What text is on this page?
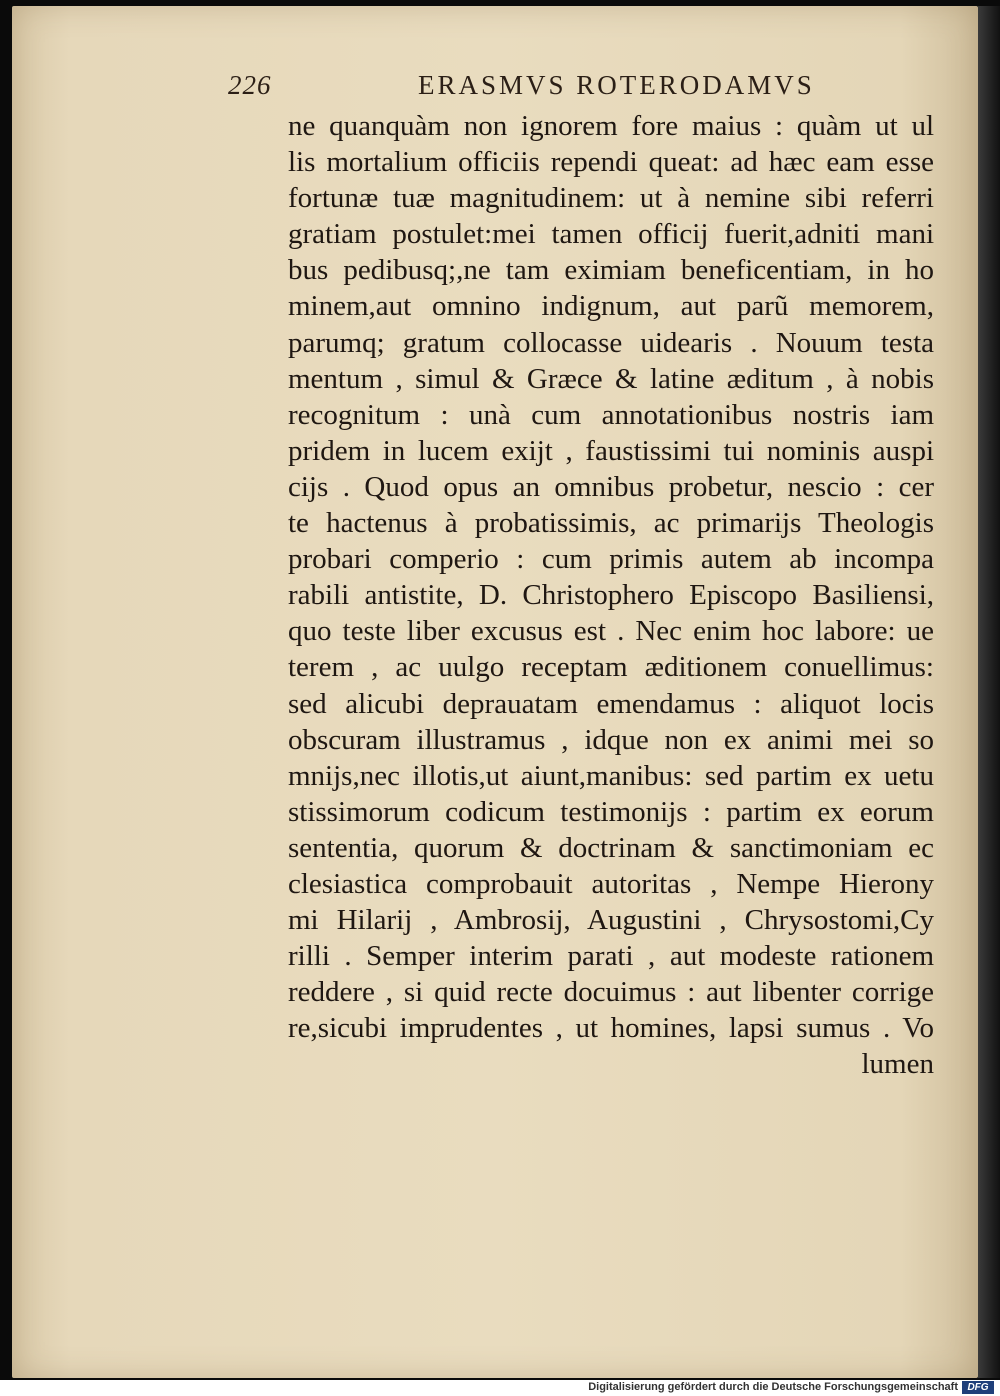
226	ERASMVS ROTERODAMVS
ne quanquàm non ignorem fore maius : quàm ut ul
lis mortalium officiis rependi queat: ad hæc eam esse
fortunæ tuæ magnitudinem: ut à nemine sibi referri
gratiam postulet:mei tamen officij fuerit,adniti mani
bus pedibusq;,ne tam eximiam beneficentiam, in ho
minem,aut omnino indignum, aut parũ memorem,
parumq; gratum collocasse uidearis . Nouum testa
mentum , simul & Græce & latine æditum , à nobis
recognitum : unà cum annotationibus nostris iam
pridem in lucem exijt , faustissimi tui nominis auspi
cijs . Quod opus an omnibus probetur, nescio : cer
te hactenus à probatissimis, ac primarijs Theologis
probari comperio : cum primis autem ab incompa
rabili antistite, D. Christophero Episcopo Basiliensi,
quo teste liber excusus est . Nec enim hoc labore: ue
terem , ac uulgo receptam æditionem conuellimus:
sed alicubi deprauatam emendamus : aliquot locis
obscuram illustramus , idque non ex animi mei so
mnijs,nec illotis,ut aiunt,manibus: sed partim ex uetu
stissimorum codicum testimonijs : partim ex eorum
sententia, quorum & doctrinam & sanctimoniam ec
clesiastica comprobauit autoritas , Nempe Hierony
mi Hilarij , Ambrosij, Augustini , Chrysostomi,Cy
rilli . Semper interim parati , aut modeste rationem
reddere , si quid recte docuimus : aut libenter corrige
re,sicubi imprudentes , ut homines, lapsi sumus . Vo
lumen
Digitalisierung gefördert durch die Deutsche Forschungsgemeinschaft DFG
